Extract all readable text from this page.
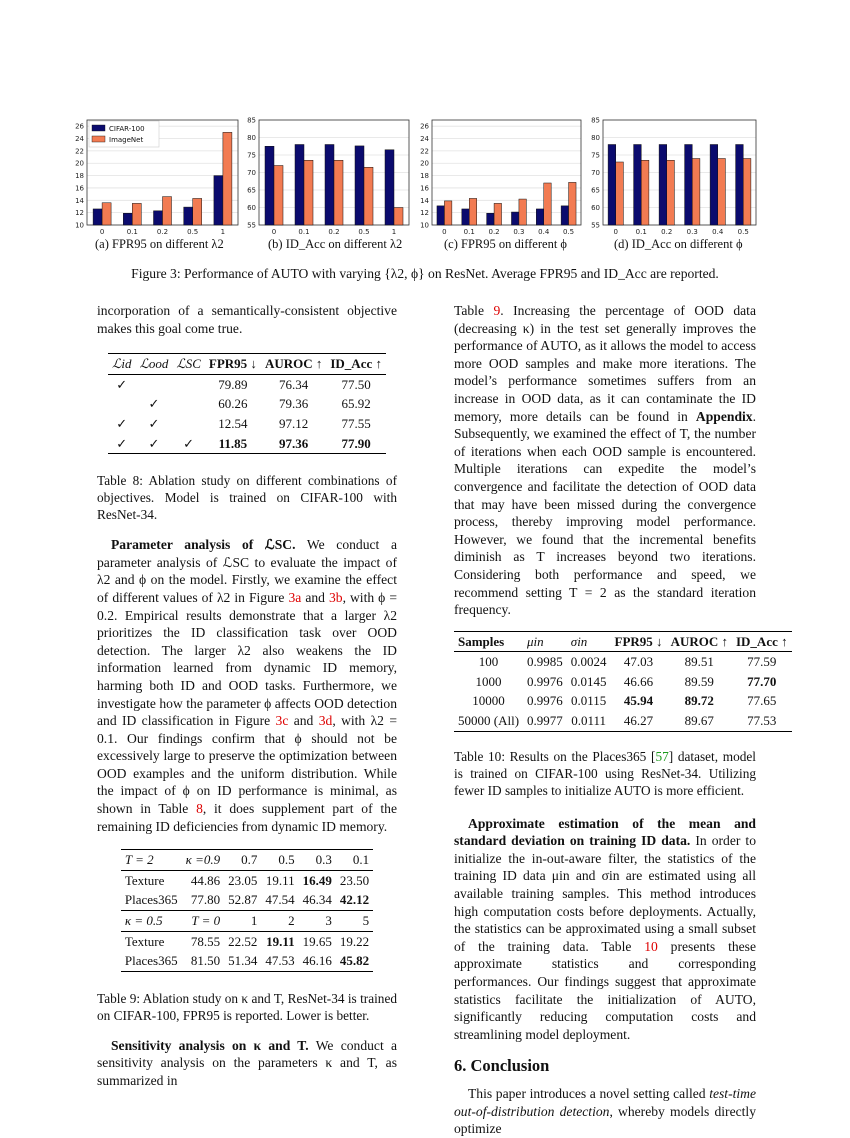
10
12
14
16
18
20
22
24
26
0	0.1	0.2	0.5	1
CIFAR-100
ImageNet
55
60
65
70
75
80
85
0	0.1	0.2	0.5	1
10
12
14
16
18
20
22
24
26
0 0.1 0.2 0.3 0.4 0.5
55
60
65
70
75
80
85
0	0.1 0.2 0.3 0.4 0.5
(a) FPR95 on different λ2	(b) ID_Acc on different λ2	(c) FPR95 on different ϕ	(d) ID_Acc on different ϕ
Figure 3: Performance of AUTO with varying {λ2, ϕ} on ResNet. Average FPR95 and ID_Acc are reported.

incorporation of a semantically-consistent objective makes this goal come true.

ℒid	ℒood	ℒSC	FPR95 ↓	AUROC ↑	ID_Acc ↑
✓			79.89	76.34	77.50
	✓		60.26	79.36	65.92
✓	✓		12.54	97.12	77.55
✓	✓	✓	11.85	97.36	77.90

Table 8: Ablation study on different combinations of objectives. Model is trained on CIFAR-100 with ResNet-34.

Parameter analysis of ℒSC. We conduct a parameter analysis of ℒSC to evaluate the impact of λ2 and ϕ on the model. Firstly, we examine the effect of different values of λ2 in Figure 3a and 3b, with ϕ = 0.2. Empirical results demonstrate that a larger λ2 prioritizes the ID classification task over OOD detection. The larger λ2 also weakens the ID information learned from dynamic ID memory, harming both ID and OOD tasks. Furthermore, we investigate how the parameter ϕ affects OOD detection and ID classification in Figure 3c and 3d, with λ2 = 0.1. Our findings confirm that ϕ should not be excessively large to preserve the optimization between OOD examples and the uniform distribution. While the impact of ϕ on ID performance is minimal, as shown in Table 8, it does supplement part of the remaining ID deficiencies from dynamic ID memory.

T = 2	κ =0.9	0.7	0.5	0.3	0.1
Texture	44.86	23.05	19.11	16.49	23.50
Places365	77.80	52.87	47.54	46.34	42.12
κ = 0.5	T = 0	1	2	3	5
Texture	78.55	22.52	19.11	19.65	19.22
Places365	81.50	51.34	47.53	46.16	45.82

Table 9: Ablation study on κ and T, ResNet-34 is trained on CIFAR-100, FPR95 is reported. Lower is better.

Sensitivity analysis on κ and T. We conduct a sensitivity analysis on the parameters κ and T, as summarized in

Table 9. Increasing the percentage of OOD data (decreasing κ) in the test set generally improves the performance of AUTO, as it allows the model to access more OOD samples and make more iterations. The model’s performance sometimes suffers from an increase in OOD data, as it can contaminate the ID memory, more details can be found in Appendix. Subsequently, we examined the effect of T, the number of iterations when each OOD sample is encountered. Multiple iterations can expedite the model’s convergence and facilitate the detection of OOD data that may have been missed during the convergence process, thereby improving model performance. However, we found that the incremental benefits diminish as T increases beyond two iterations. Considering both performance and speed, we recommend setting T = 2 as the standard iteration frequency.

Samples	μin	σin	FPR95 ↓	AUROC ↑	ID_Acc ↑
100	0.9985	0.0024	47.03	89.51	77.59
1000	0.9976	0.0145	46.66	89.59	77.70
10000	0.9976	0.0115	45.94	89.72	77.65
50000 (All)	0.9977	0.0111	46.27	89.67	77.53

Table 10: Results on the Places365 [57] dataset, model is trained on CIFAR-100 using ResNet-34. Utilizing fewer ID samples to initialize AUTO is more efficient.

Approximate estimation of the mean and standard deviation on training ID data. In order to initialize the in-out-aware filter, the statistics of the training ID data μin and σin are estimated using all available training samples. This method introduces high computation costs before deployments. Actually, the statistics can be approximated using a small subset of the training data. Table 10 presents these approximate statistics and corresponding performances. Our findings suggest that approximate statistics facilitate the initialization of AUTO, significantly reducing computation costs and streamlining model deployment.

6. Conclusion

This paper introduces a novel setting called test-time out-of-distribution detection, whereby models directly optimize
